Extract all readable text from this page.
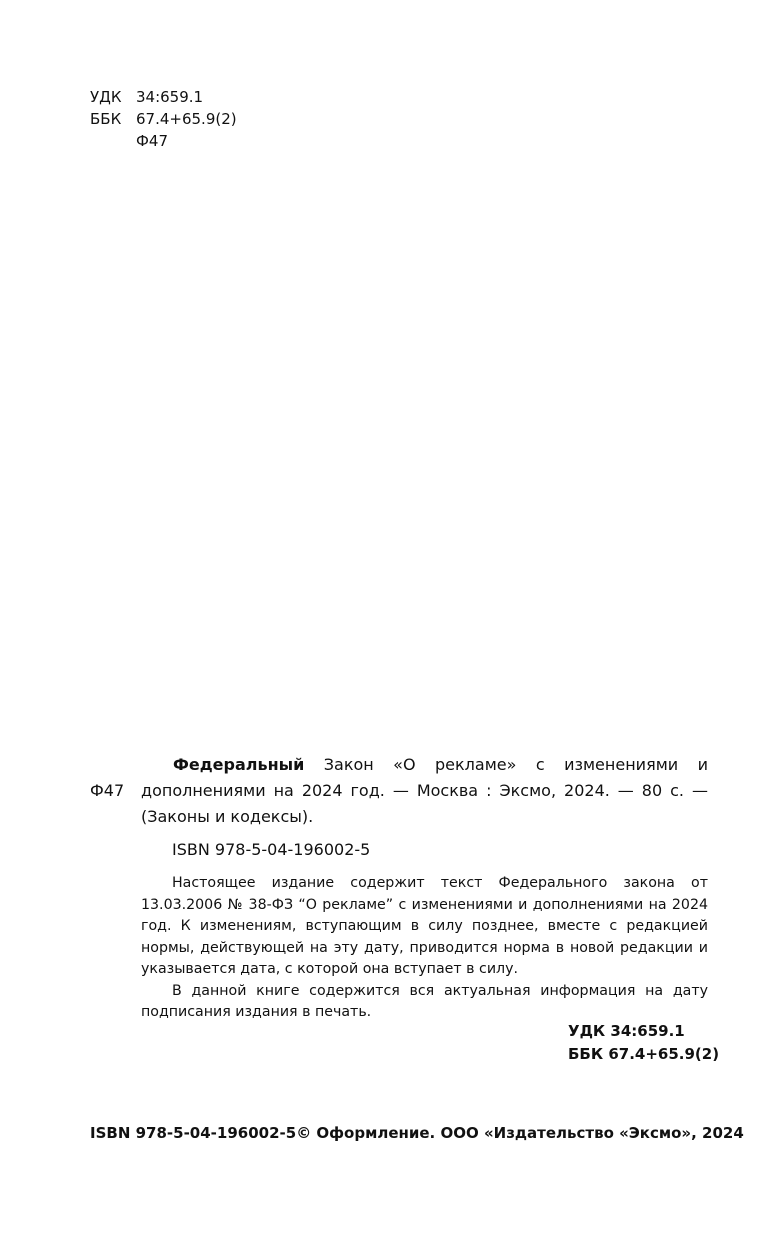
УДК 34:659.1
ББК 67.4+65.9(2)
Ф47
Ф47
Федеральный Закон «О рекламе» с изменениями и дополнениями на 2024 год. — Москва : Эксмо, 2024. — 80 с. — (Законы и кодексы).
ISBN 978-5-04-196002-5

Настоящее издание содержит текст Федерального закона от 13.03.2006 № 38-ФЗ “О рекламе” с изменениями и дополнениями на 2024 год. К изменениям, вступающим в силу позднее, вместе с редакцией нормы, действующей на эту дату, приводится норма в новой редакции и указывается дата, с которой она вступает в силу.

В данной книге содержится вся актуальная информация на дату подписания издания в печать.

УДК 34:659.1
ББК 67.4+65.9(2)
ISBN 978-5-04-196002-5 © Оформление. ООО «Издательство «Эксмо», 2024
